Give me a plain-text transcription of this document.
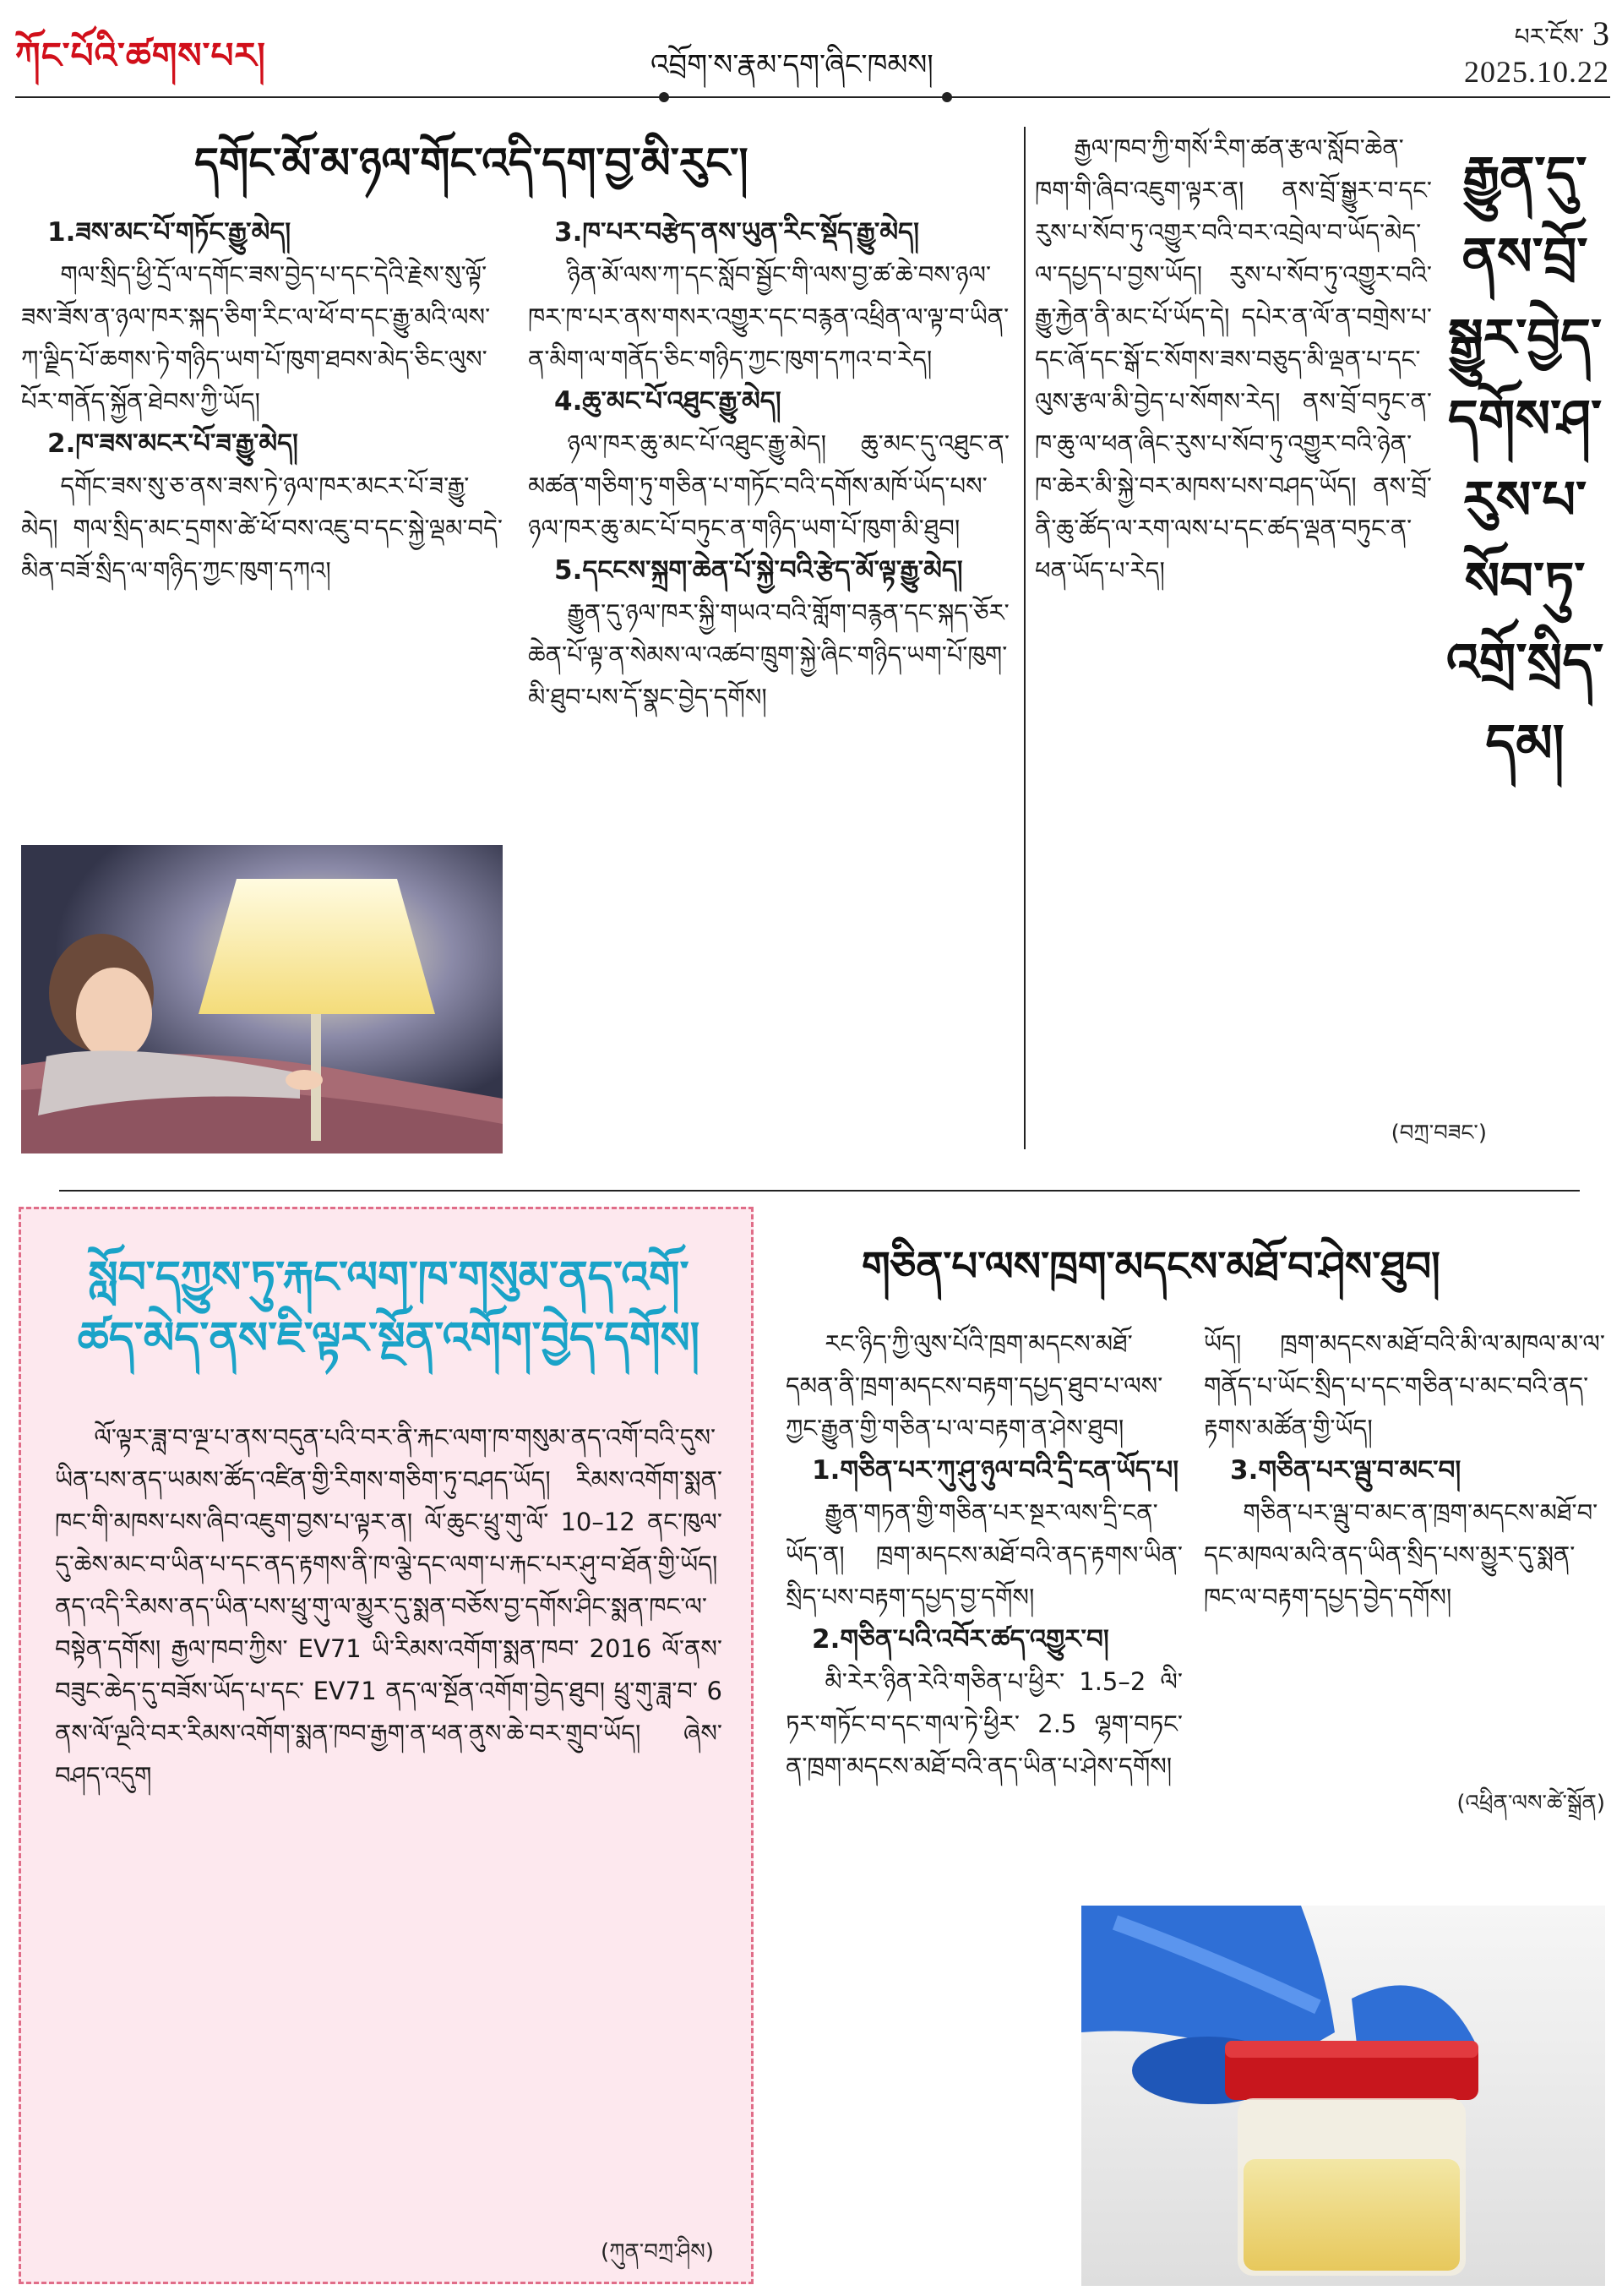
ཀོང་པོའི་ཚགས་པར།	འབྲོག་ས་རྣམ་དག་ཞིང་ཁམས།
པར་ངོས་ 3
2025.10.22
དགོང་མོ་མ་ཉལ་གོང་འདི་དག་བྱ་མི་རུང་།
1.ཟས་མང་པོ་གཏོང་རྒྱུ་མེད།

གལ་སྲིད་ཕྱི་དྲོ་ལ་དགོང་ཟས་བྱེད་པ་དང་དེའི་རྗེས་སུ་ལྟོ་ཟས་ཟོས་ན་ཉལ་ཁར་སྐད་ཅིག་རིང་ལ་ཕོ་བ་དང་རྒྱུ་མའི་ལས་ཀ་ལྗིད་པོ་ཆགས་ཏེ་གཉིད་ཡག་པོ་ཁུག་ཐབས་མེད་ཅིང་ལུས་པོར་གནོད་སྐྱོན་ཐེབས་ཀྱི་ཡོད།

2.ཁ་ཟས་མངར་པོ་ཟ་རྒྱུ་མེད།

དགོང་ཟས་སུ་ཅ་ནས་ཟས་ཏེ་ཉལ་ཁར་མངར་པོ་ཟ་རྒྱུ་མེད། གལ་སྲིད་མང་དྲགས་ཚེ་ཕོ་བས་འཇུ་བ་དང་སྐྱེ་ལྡམ་བདེ་མིན་བཟོ་སྲིད་ལ་གཉིད་ཀྱང་ཁུག་དཀའ།

3.ཁ་པར་བརྩེད་ནས་ཡུན་རིང་སྡོད་རྒྱུ་མེད།

ཉིན་མོ་ལས་ཀ་དང་སློབ་སྦྱོང་གི་ལས་བྱ་ཚ་ཆེ་བས་ཉལ་ཁར་ཁ་པར་ནས་གསར་འགྱུར་དང་བརྙན་འཕྲིན་ལ་ལྟ་བ་ཡིན་ན་མིག་ལ་གནོད་ཅིང་གཉིད་ཀྱང་ཁུག་དཀའ་བ་རེད།

4.ཆུ་མང་པོ་འཐུང་རྒྱུ་མེད།

ཉལ་ཁར་ཆུ་མང་པོ་འཐུང་རྒྱུ་མེད། ཆུ་མང་དུ་འཐུང་ན་མཚན་གཅིག་ཏུ་གཅིན་པ་གཏོང་བའི་དགོས་མཁོ་ཡོད་པས་ཉལ་ཁར་ཆུ་མང་པོ་བཏུང་ན་གཉིད་ཡག་པོ་ཁུག་མི་ཐུབ།

5.དངངས་སྐྲག་ཆེན་པོ་སྐྱེ་བའི་རྩེད་མོ་ལྟ་རྒྱུ་མེད།

རྒྱུན་དུ་ཉལ་ཁར་སྐྱི་གཡའ་བའི་གློག་བརྙན་དང་སྐད་ཅོར་ཆེན་པོ་ལྟ་ན་སེམས་ལ་འཚབ་ཁྲུག་སྐྱེ་ཞིང་གཉིད་ཡག་པོ་ཁུག་མི་ཐུབ་པས་དོ་སྣང་བྱེད་དགོས།

རྒྱལ་ཁབ་ཀྱི་གསོ་རིག་ཚན་རྩལ་སློབ་ཆེན་ཁག་གི་ཞིབ་འཇུག་ལྟར་ན། ནས་བྲོ་སྒྱུར་བ་དང་རུས་པ་སོབ་ཏུ་འགྱུར་བའི་བར་འབྲེལ་བ་ཡོད་མེད་ལ་དཔྱད་པ་བྱས་ཡོད། རུས་པ་སོབ་ཏུ་འགྱུར་བའི་རྒྱུ་རྐྱེན་ནི་མང་པོ་ཡོད་དེ། དཔེར་ན་ལོ་ན་བགྲེས་པ་དང་ཞོ་དང་སྒོ་ང་སོགས་ཟས་བཅུད་མི་ལྡན་པ་དང་ལུས་རྩལ་མི་བྱེད་པ་སོགས་རེད། ནས་བྲོ་བཏུང་ན་ཁ་ཆུ་ལ་ཕན་ཞིང་རུས་པ་སོབ་ཏུ་འགྱུར་བའི་ཉེན་ཁ་ཆེར་མི་སྐྱེ་བར་མཁས་པས་བཤད་ཡོད། ནས་བྲོ་ནི་ཆུ་ཚོད་ལ་རག་ལས་པ་དང་ཚད་ལྡན་བཏུང་ན་ཕན་ཡོད་པ་རེད།

རྒྱུན་དུ་
ནས་བྲོ་
སྒྱུར་བྱེད་
དགོས་ཤ་
རུས་པ་
སོབ་ཏུ་
འགྲོ་སྲིད་
དམ།
(བཀྲ་བཟང་)
སློབ་དཀྱུས་ཏུ་རྐང་ལག་ཁ་གསུམ་ནད་འགོ་ཚད་མེད་ནས་ཇི་ལྟར་སྔོན་འགོག་བྱེད་དགོས།

ལོ་ལྟར་ཟླ་བ་ལྔ་པ་ནས་བདུན་པའི་བར་ནི་རྐང་ལག་ཁ་གསུམ་ནད་འགོ་བའི་དུས་ཡིན་པས་ནད་ཡམས་ཚོད་འཛིན་གྱི་རིགས་གཅིག་ཏུ་བཤད་ཡོད། རིམས་འགོག་སྨན་ཁང་གི་མཁས་པས་ཞིབ་འཇུག་བྱས་པ་ལྟར་ན། ལོ་ཆུང་ཕྲུ་གུ་ལོ་ 10–12 ནང་ཁུལ་དུ་ཆེས་མང་བ་ཡིན་པ་དང་ནད་རྟགས་ནི་ཁ་ལྕེ་དང་ལག་པ་རྐང་པར་ཤུ་བ་ཐོན་གྱི་ཡོད། ནད་འདི་རིམས་ནད་ཡིན་པས་ཕྲུ་གུ་ལ་མྱུར་དུ་སྨན་བཅོས་བྱ་དགོས་ཤིང་སྨན་ཁང་ལ་བསྟེན་དགོས། རྒྱལ་ཁབ་ཀྱིས་ EV71 ཡི་རིམས་འགོག་སྨན་ཁབ་ 2016 ལོ་ནས་བཟུང་ཆེད་དུ་བཟོས་ཡོད་པ་དང་ EV71 ནད་ལ་སྔོན་འགོག་བྱེད་ཐུབ། ཕྲུ་གུ་ཟླ་བ་ 6 ནས་ལོ་ལྔའི་བར་རིམས་འགོག་སྨན་ཁབ་རྒྱག་ན་ཕན་ནུས་ཆེ་བར་གྲུབ་ཡོད། ཞེས་བཤད་འདུག

(ཀུན་བཀྲ་ཤིས)
གཅིན་པ་ལས་ཁྲག་མདངས་མཐོ་བ་ཤེས་ཐུབ།

རང་ཉིད་ཀྱི་ལུས་པོའི་ཁྲག་མདངས་མཐོ་དམན་ནི་ཁྲག་མདངས་བརྟག་དཔྱད་ཐུབ་པ་ལས་ཀྱང་རྒྱུན་གྱི་གཅིན་པ་ལ་བརྟག་ན་ཤེས་ཐུབ།

1.གཅིན་པར་ཀུ་ཤུ་ཉུལ་བའི་དྲི་ངན་ཡོད་པ།

རྒྱུན་གཏན་གྱི་གཅིན་པར་སྔར་ལས་དྲི་ངན་ཡོད་ན། ཁྲག་མདངས་མཐོ་བའི་ནད་རྟགས་ཡིན་སྲིད་པས་བརྟག་དཔྱད་བྱ་དགོས།

2.གཅིན་པའི་འབོར་ཚད་འགྱུར་བ།

མི་རེར་ཉིན་རེའི་གཅིན་པ་ཕྱིར་ 1.5–2 ལི་ཏར་གཏོང་བ་དང་གལ་ཏེ་ཕྱིར་ 2.5 ལྷག་བཏང་ན་ཁྲག་མདངས་མཐོ་བའི་ནད་ཡིན་པ་ཤེས་དགོས།

ཡོད། ཁྲག་མདངས་མཐོ་བའི་མི་ལ་མཁལ་མ་ལ་གནོད་པ་ཡོང་སྲིད་པ་དང་གཅིན་པ་མང་བའི་ནད་རྟགས་མཚོན་གྱི་ཡོད།

3.གཅིན་པར་ལྦུ་བ་མང་བ།

གཅིན་པར་ལྦུ་བ་མང་ན་ཁྲག་མདངས་མཐོ་བ་དང་མཁལ་མའི་ནད་ཡིན་སྲིད་པས་མྱུར་དུ་སྨན་ཁང་ལ་བརྟག་དཔྱད་བྱེད་དགོས།

(འཕྲིན་ལས་ཚེ་སྒྲོན)
